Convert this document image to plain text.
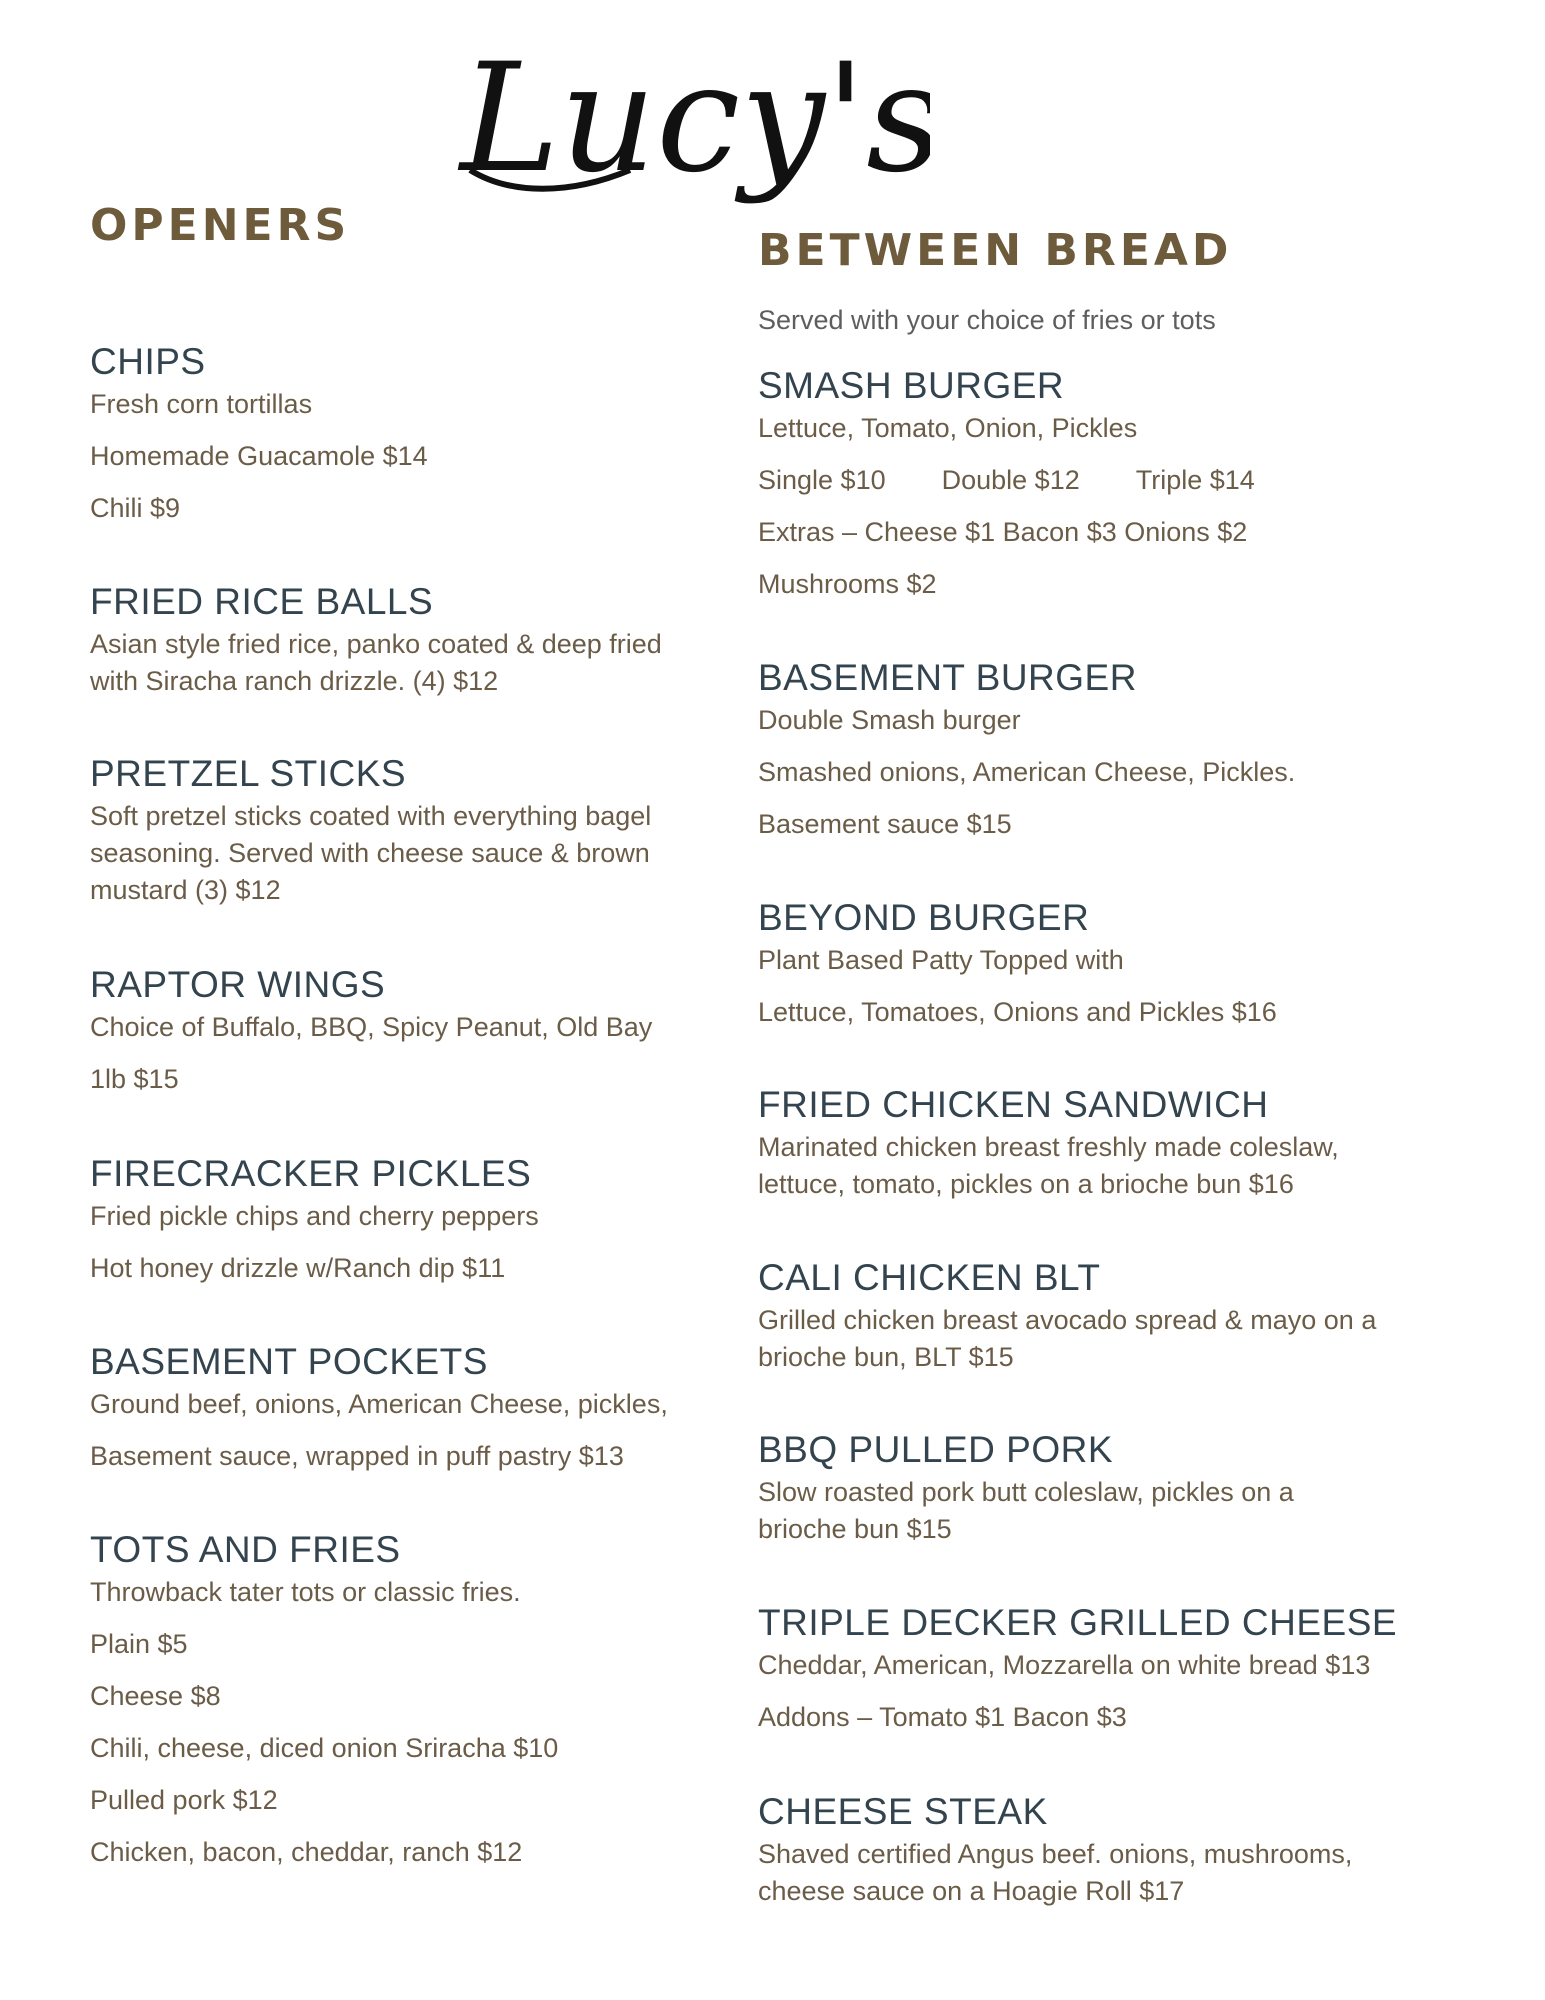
Lucy's
OPENERS

CHIPS

Fresh corn tortillas

Homemade Guacamole $14

Chili $9

FRIED RICE BALLS

Asian style fried rice, panko coated & deep fried

with Siracha ranch drizzle. (4) $12

PRETZEL STICKS

Soft pretzel sticks coated with everything bagel

seasoning. Served with cheese sauce & brown

mustard (3) $12

RAPTOR WINGS

Choice of Buffalo, BBQ, Spicy Peanut, Old Bay

1lb $15

FIRECRACKER PICKLES

Fried pickle chips and cherry peppers

Hot honey drizzle w/Ranch dip $11

BASEMENT POCKETS

Ground beef, onions, American Cheese, pickles,

Basement sauce, wrapped in puff pastry $13

TOTS AND FRIES

Throwback tater tots or classic fries.

Plain $5

Cheese $8

Chili, cheese, diced onion Sriracha $10

Pulled pork $12

Chicken, bacon, cheddar, ranch $12

BETWEEN BREAD

Served with your choice of fries or tots

SMASH BURGER

Lettuce, Tomato, Onion, Pickles

Single $10 Double $12 Triple $14

Extras – Cheese $1 Bacon $3 Onions $2

Mushrooms $2

BASEMENT BURGER

Double Smash burger

Smashed onions, American Cheese, Pickles.

Basement sauce $15

BEYOND BURGER

Plant Based Patty Topped with

Lettuce, Tomatoes, Onions and Pickles $16

FRIED CHICKEN SANDWICH

Marinated chicken breast freshly made coleslaw,

lettuce, tomato, pickles on a brioche bun $16

CALI CHICKEN BLT

Grilled chicken breast avocado spread & mayo on a

brioche bun, BLT $15

BBQ PULLED PORK

Slow roasted pork butt coleslaw, pickles on a

brioche bun $15

TRIPLE DECKER GRILLED CHEESE

Cheddar, American, Mozzarella on white bread $13

Addons – Tomato $1 Bacon $3

CHEESE STEAK

Shaved certified Angus beef. onions, mushrooms,

cheese sauce on a Hoagie Roll $17
